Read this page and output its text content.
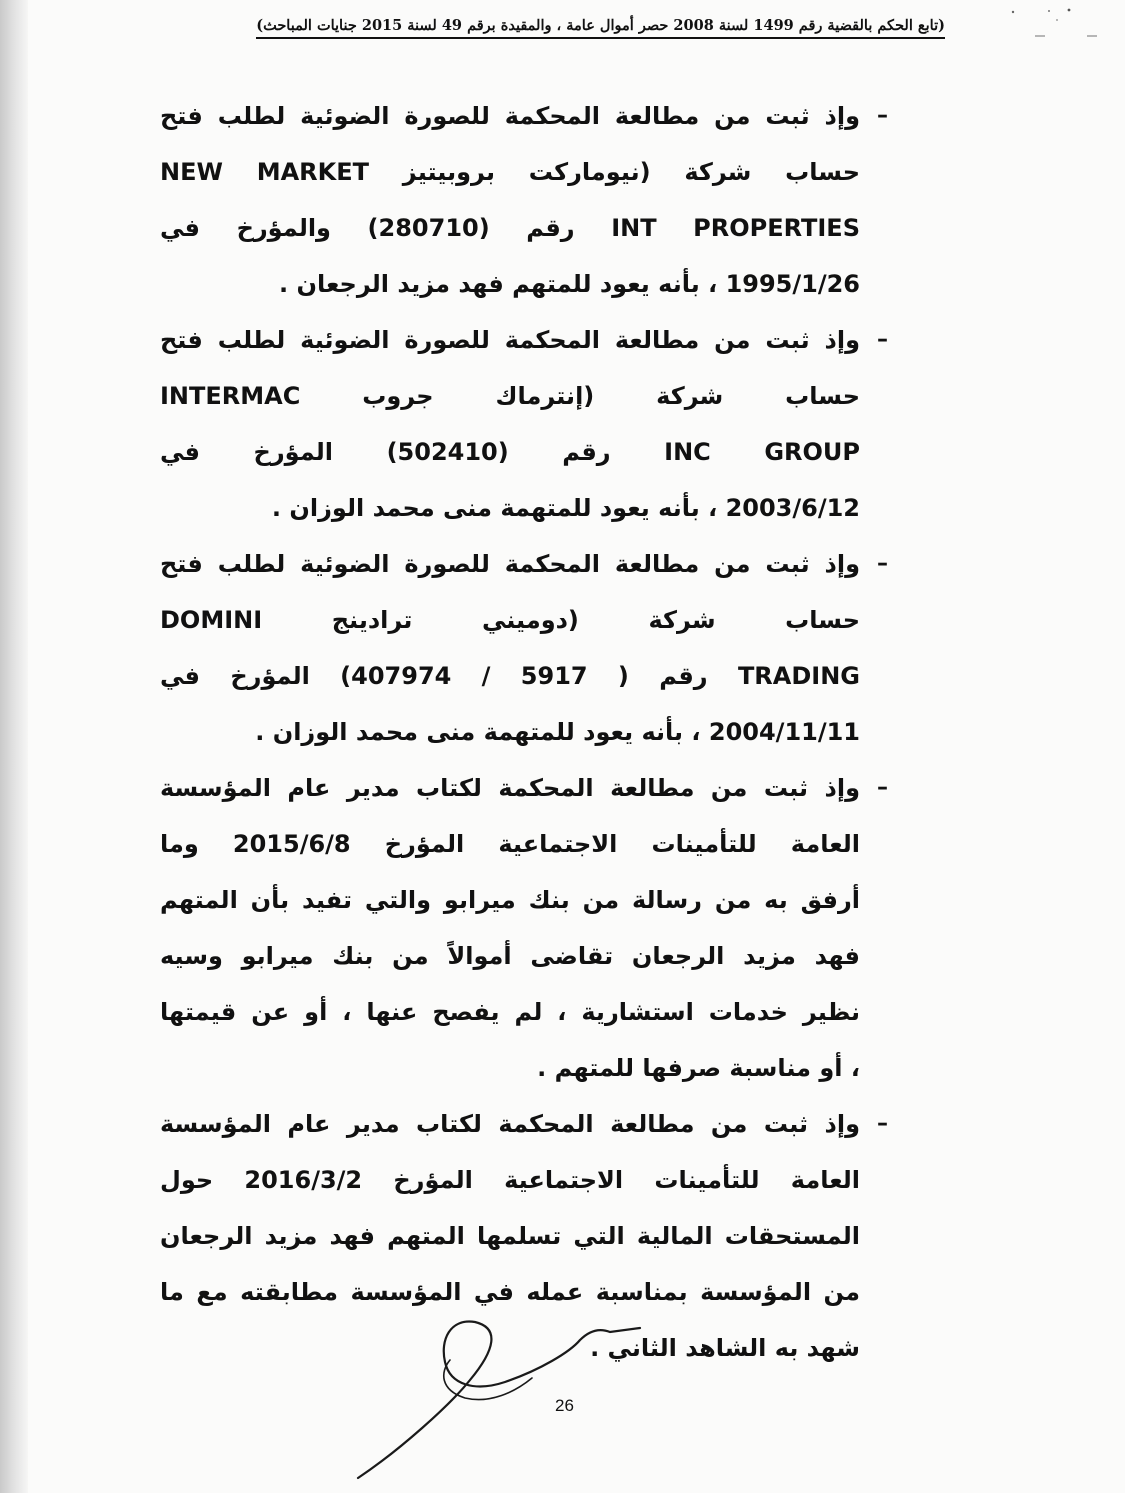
(تابع الحكم بالقضية رقم 1499 لسنة 2008 حصر أموال عامة ، والمقيدة برقم 49 لسنة 2015 جنايات المباحث)
–
وإذ ثبت من مطالعة المحكمة للصورة الضوئية لطلب فتح
حساب شركة (نيوماركت بروبيتيز NEW MARKET
INT PROPERTIES رقم (280710) والمؤرخ في
1995/1/26 ، بأنه يعود للمتهم فهد مزيد الرجعان .
–
وإذ ثبت من مطالعة المحكمة للصورة الضوئية لطلب فتح
حساب شركة (إنترماك جروب INTERMAC
INC GROUP رقم (502410) المؤرخ في
2003/6/12 ، بأنه يعود للمتهمة منى محمد الوزان .
–
وإذ ثبت من مطالعة المحكمة للصورة الضوئية لطلب فتح
حساب شركة (دوميني ترادينج DOMINI
TRADING رقم ( 5917 / 407974) المؤرخ في
2004/11/11 ، بأنه يعود للمتهمة منى محمد الوزان .
–
وإذ ثبت من مطالعة المحكمة لكتاب مدير عام المؤسسة
العامة للتأمينات الاجتماعية المؤرخ 2015/6/8 وما
أرفق به من رسالة من بنك ميرابو والتي تفيد بأن المتهم
فهد مزيد الرجعان تقاضى أموالاً من بنك ميرابو وسيه
نظير خدمات استشارية ، لم يفصح عنها ، أو عن قيمتها
، أو مناسبة صرفها للمتهم .
–
وإذ ثبت من مطالعة المحكمة لكتاب مدير عام المؤسسة
العامة للتأمينات الاجتماعية المؤرخ 2016/3/2 حول
المستحقات المالية التي تسلمها المتهم فهد مزيد الرجعان
من المؤسسة بمناسبة عمله في المؤسسة مطابقته مع ما
شهد به الشاهد الثاني .
26
